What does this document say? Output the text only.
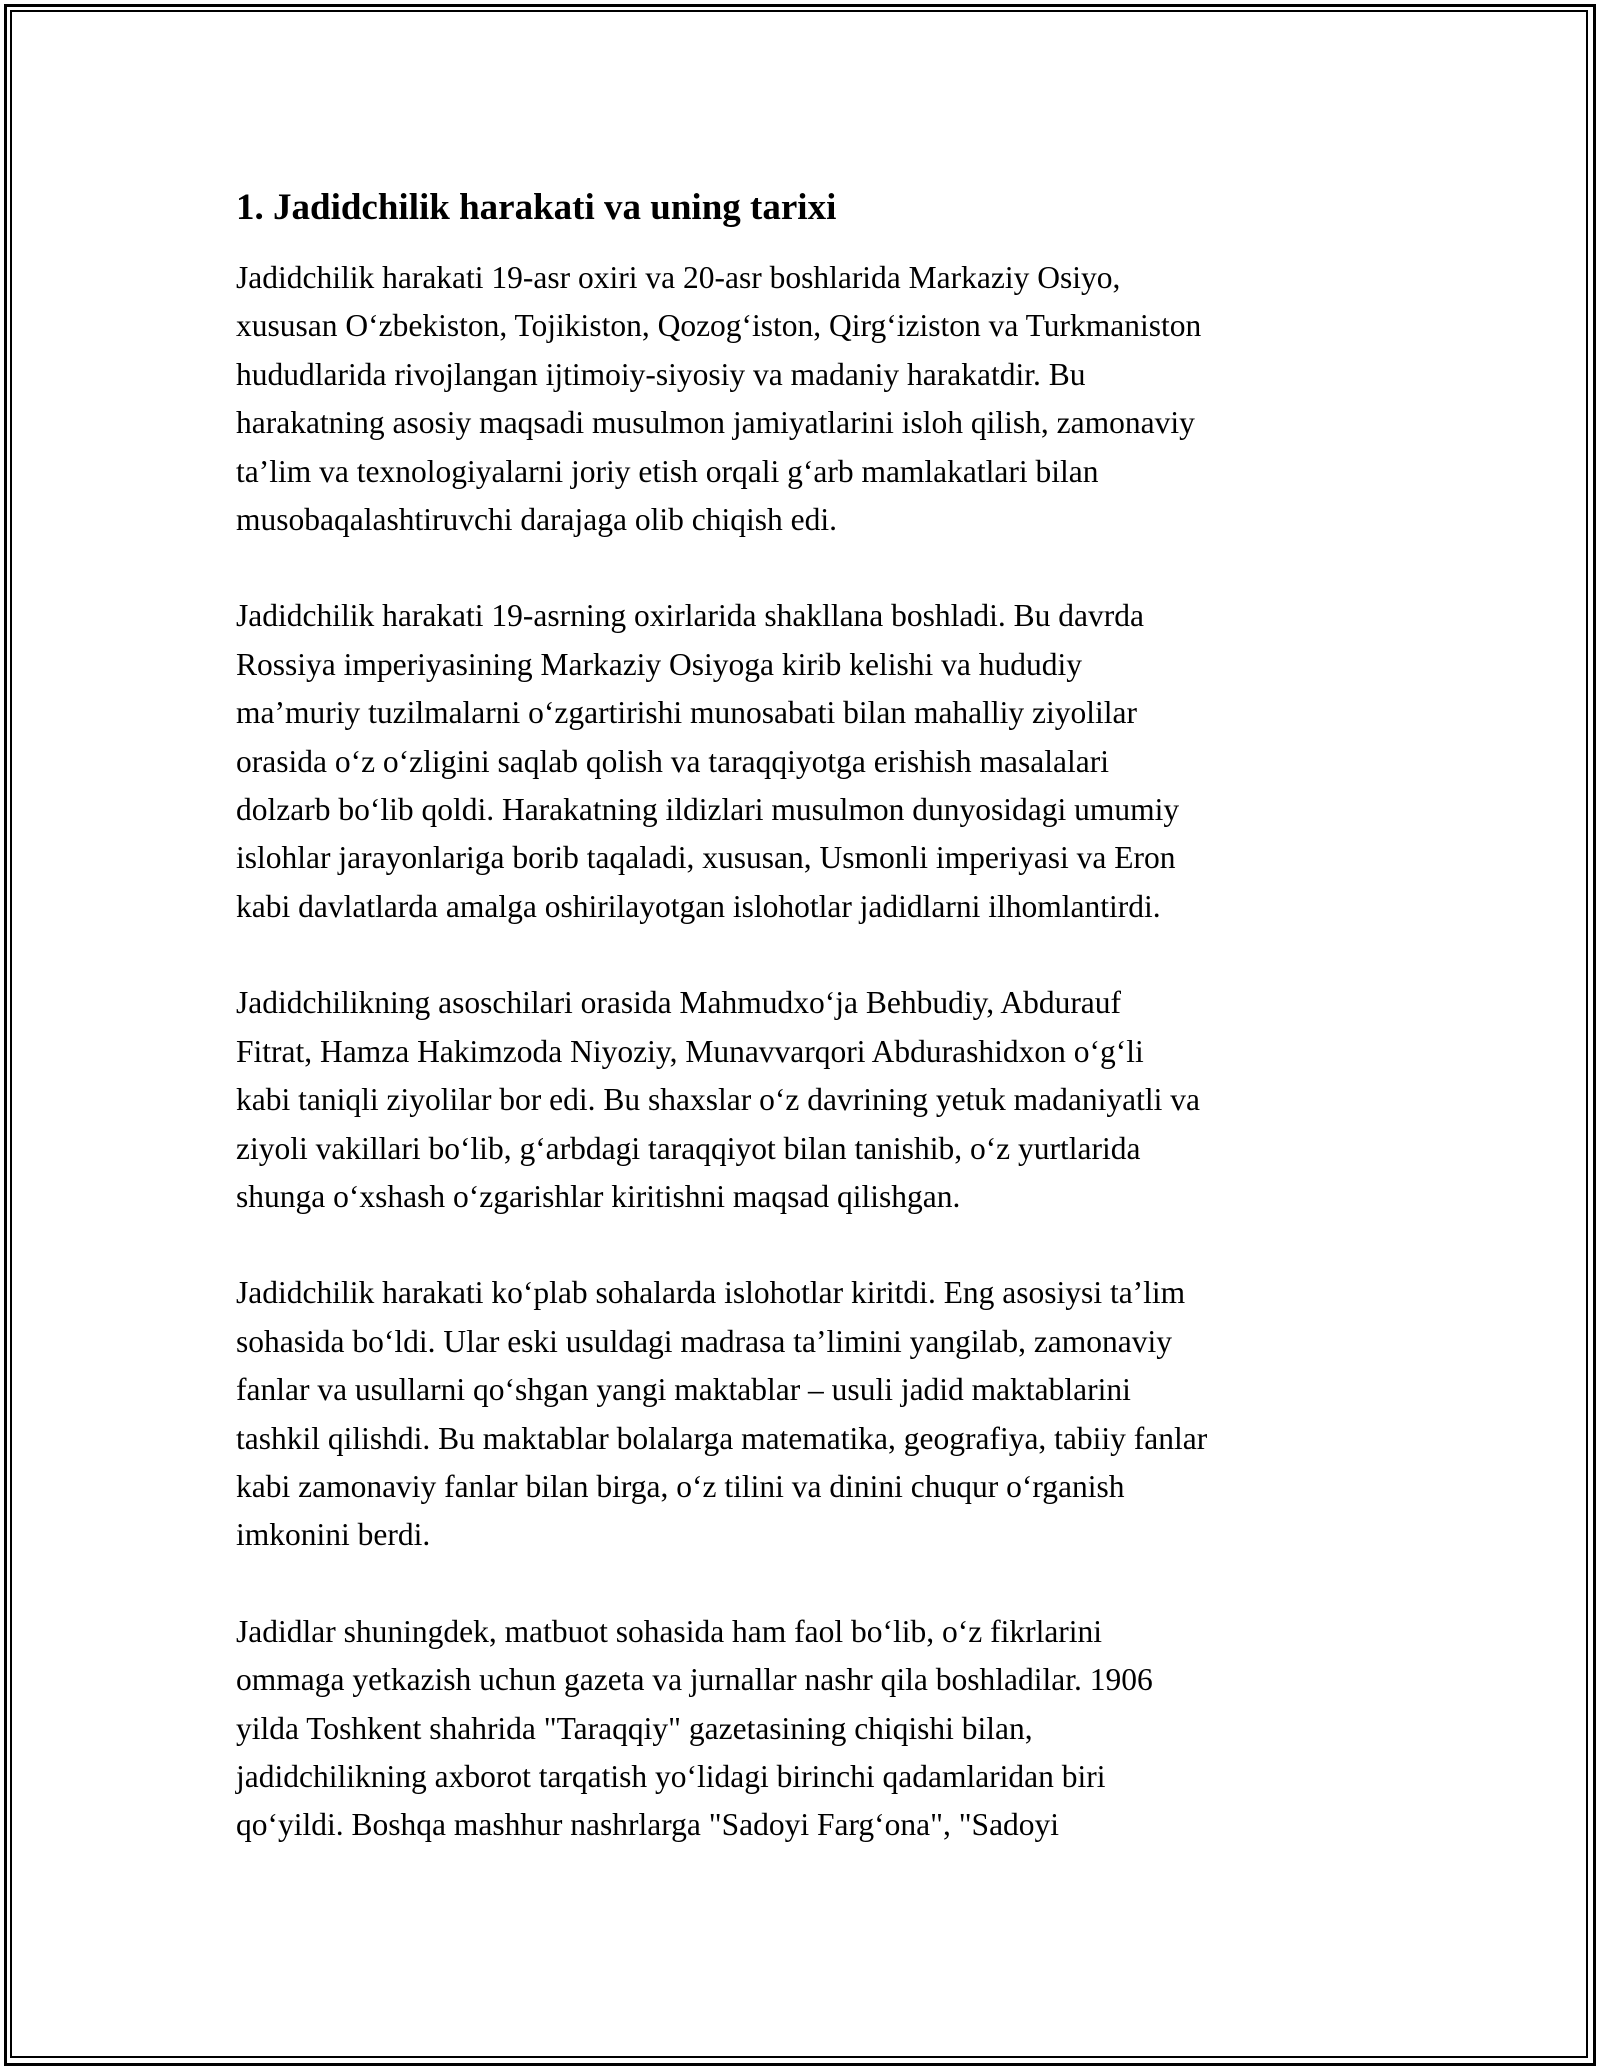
1. Jadidchilik harakati va uning tarixi

Jadidchilik harakati 19-asr oxiri va 20-asr boshlarida Markaziy Osiyo,
xususan O‘zbekiston, Tojikiston, Qozog‘iston, Qirg‘iziston va Turkmaniston
hududlarida rivojlangan ijtimoiy-siyosiy va madaniy harakatdir. Bu
harakatning asosiy maqsadi musulmon jamiyatlarini isloh qilish, zamonaviy
ta’lim va texnologiyalarni joriy etish orqali g‘arb mamlakatlari bilan
musobaqalashtiruvchi darajaga olib chiqish edi.

Jadidchilik harakati 19-asrning oxirlarida shakllana boshladi. Bu davrda
Rossiya imperiyasining Markaziy Osiyoga kirib kelishi va hududiy
ma’muriy tuzilmalarni o‘zgartirishi munosabati bilan mahalliy ziyolilar
orasida o‘z o‘zligini saqlab qolish va taraqqiyotga erishish masalalari
dolzarb bo‘lib qoldi. Harakatning ildizlari musulmon dunyosidagi umumiy
islohlar jarayonlariga borib taqaladi, xususan, Usmonli imperiyasi va Eron
kabi davlatlarda amalga oshirilayotgan islohotlar jadidlarni ilhomlantirdi.

Jadidchilikning asoschilari orasida Mahmudxo‘ja Behbudiy, Abdurauf
Fitrat, Hamza Hakimzoda Niyoziy, Munavvarqori Abdurashidxon o‘g‘li
kabi taniqli ziyolilar bor edi. Bu shaxslar o‘z davrining yetuk madaniyatli va
ziyoli vakillari bo‘lib, g‘arbdagi taraqqiyot bilan tanishib, o‘z yurtlarida
shunga o‘xshash o‘zgarishlar kiritishni maqsad qilishgan.

Jadidchilik harakati ko‘plab sohalarda islohotlar kiritdi. Eng asosiysi ta’lim
sohasida bo‘ldi. Ular eski usuldagi madrasa ta’limini yangilab, zamonaviy
fanlar va usullarni qo‘shgan yangi maktablar – usuli jadid maktablarini
tashkil qilishdi. Bu maktablar bolalarga matematika, geografiya, tabiiy fanlar
kabi zamonaviy fanlar bilan birga, o‘z tilini va dinini chuqur o‘rganish
imkonini berdi.

Jadidlar shuningdek, matbuot sohasida ham faol bo‘lib, o‘z fikrlarini
ommaga yetkazish uchun gazeta va jurnallar nashr qila boshladilar. 1906
yilda Toshkent shahrida "Taraqqiy" gazetasining chiqishi bilan,
jadidchilikning axborot tarqatish yo‘lidagi birinchi qadamlaridan biri
qo‘yildi. Boshqa mashhur nashrlarga "Sadoyi Farg‘ona", "Sadoyi
